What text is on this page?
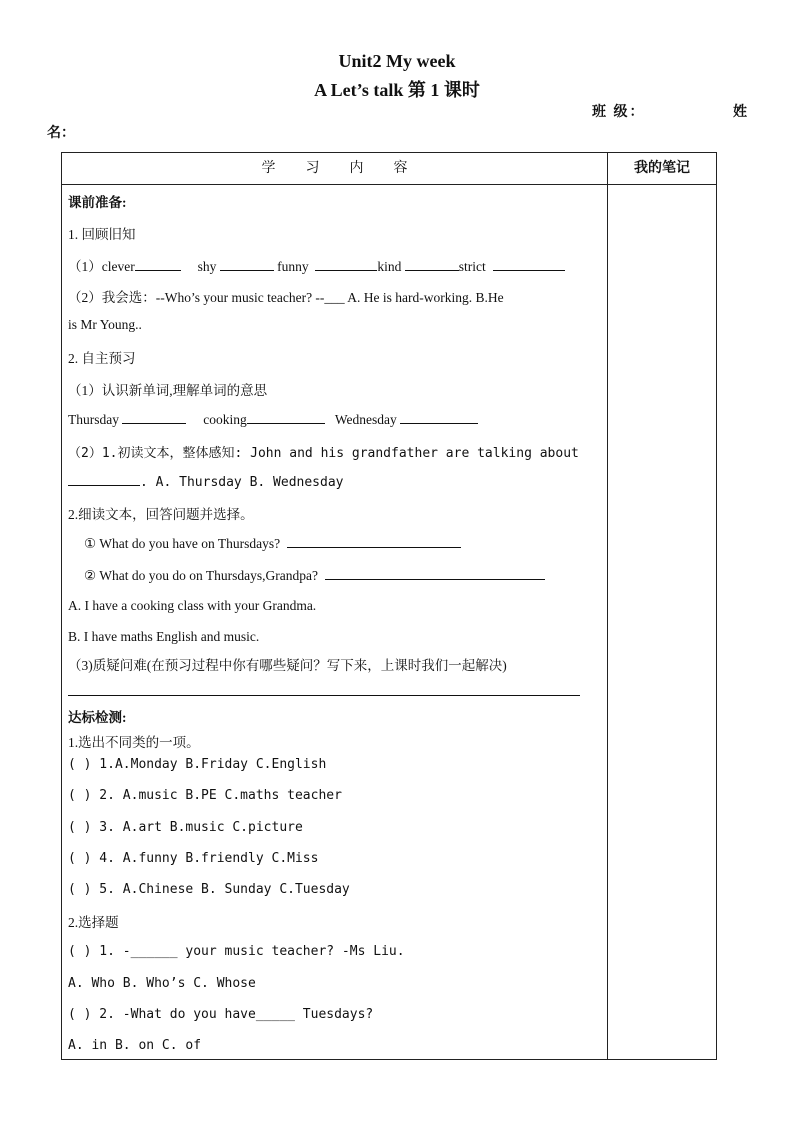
Unit2 My week
A Let’s talk 第 1 课时
班 级：	姓
名：
学习内容	我的笔记
课前准备:
1. 回顾旧知
（1）clever	shy	funny	kind	strict
（2）我会选：--Who’s your music teacher? --___ A. He is hard-working. B.He
is Mr Young..
2. 自主预习
（1）认识新单词,理解单词的意思
Thursday	cooking	Wednesday
（2）1.初读文本，整体感知: John and his grandfather are talking about
. A. Thursday B. Wednesday
2.细读文本，回答问题并选择。
① What do you have on Thursdays?
② What do you do on Thursdays,Grandpa?
A. I have a cooking class with your Grandma.
B. I have maths English and music.
（3)质疑问难(在预习过程中你有哪些疑问？写下来，上课时我们一起解决)
达标检测:
1.选出不同类的一项。
( ) 1.A.Monday B.Friday C.English
( ) 2. A.music B.PE C.maths teacher
( ) 3. A.art B.music C.picture
( ) 4. A.funny B.friendly C.Miss
( ) 5. A.Chinese B. Sunday C.Tuesday
2.选择题
( ) 1. -______ your music teacher? -Ms Liu.
A. Who B. Who’s C. Whose
( ) 2. -What do you have_____ Tuesdays?
A. in B. on C. of
